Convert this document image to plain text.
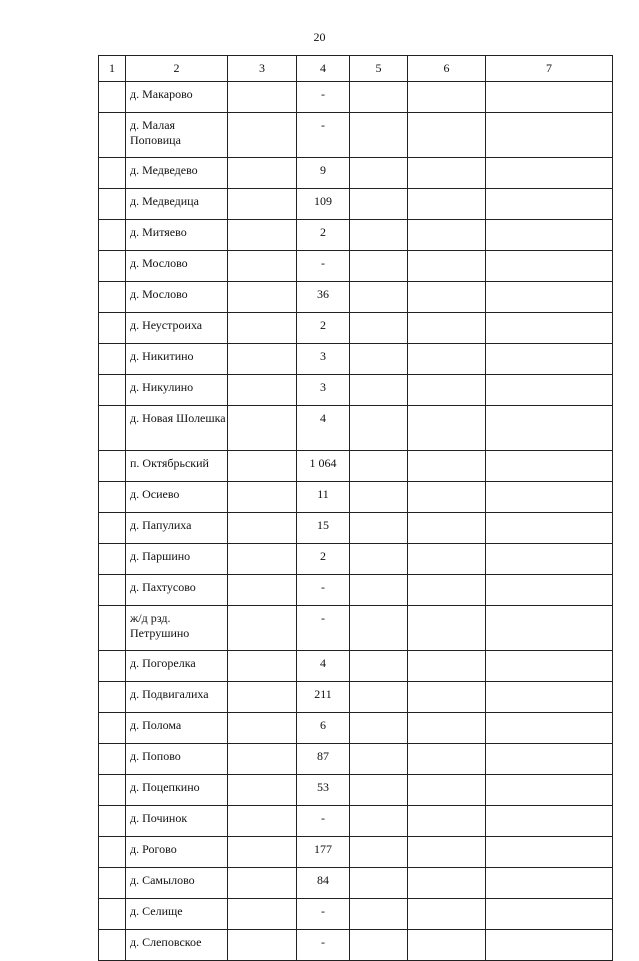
20
1	2	3	4	5	6	7
	д. Макарово		-			
	д. Малая Поповица		-			
	д. Медведево		9			
	д. Медведица		109			
	д. Митяево		2			
	д. Мослово		-			
	д. Мослово		36			
	д. Неустроиха		2			
	д. Никитино		3			
	д. Никулино		3			
	д. Новая Шолешка		4			
	п. Октябрьский		1 064			
	д. Осиево		11			
	д. Папулиха		15			
	д. Паршино		2			
	д. Пахтусово		-			
	ж/д рзд. Петрушино		-			
	д. Погорелка		4			
	д. Подвигалиха		211			
	д. Полома		6			
	д. Попово		87			
	д. Поцепкино		53			
	д. Починок		-			
	д. Рогово		177			
	д. Самылово		84			
	д. Селище		-			
	д. Слеповское		-			
